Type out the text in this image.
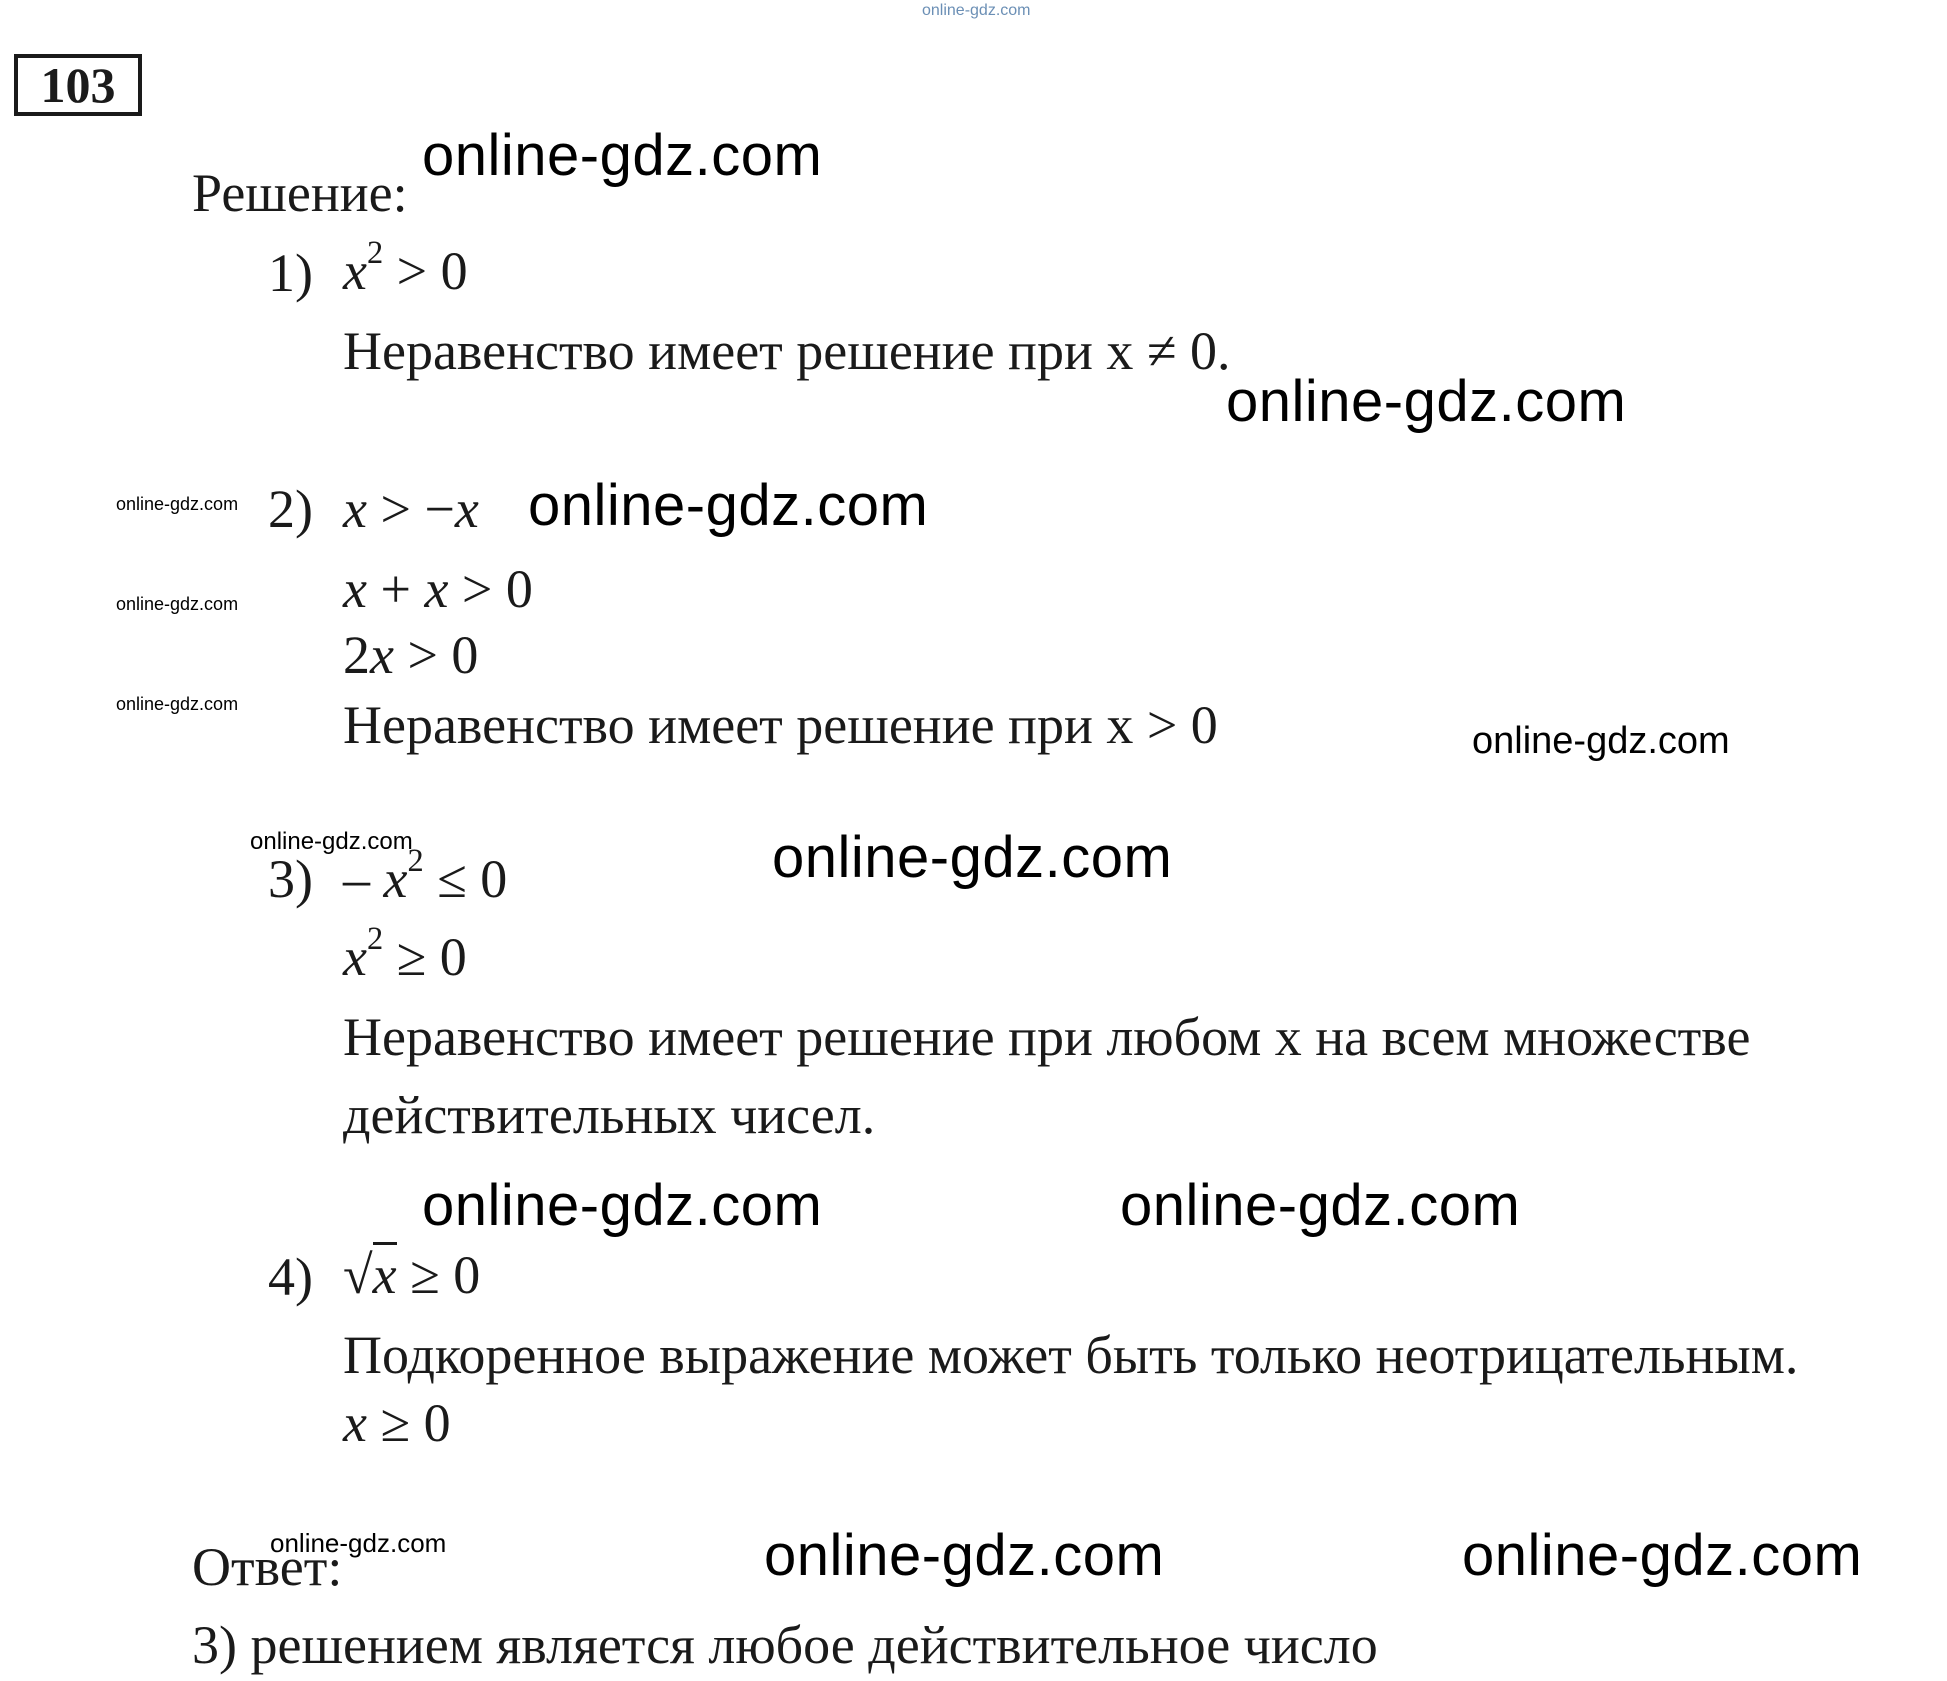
online-gdz.com
103
Решение:
1) $x^2 > 0$
Неравенство имеет решение при x ≠ 0.
2) x > −x
x + x > 0
2x > 0
Неравенство имеет решение при x > 0
$3) - x^2 \le 0$
$x^2 \ge 0$
Неравенство имеет решение при любом x на всем множестве
действительных чисел.
4) √x ≥ 0
Подкоренное выражение может быть только неотрицательным.
x ≥ 0
Ответ:
3) решением является любое действительное число
online-gdz.com
online-gdz.com
online-gdz.com
online-gdz.com
online-gdz.com	online-gdz.com
online-gdz.com	online-gdz.com
online-gdz.com
online-gdz.com
online-gdz.com
online-gdz.com
online-gdz.com
online-gdz.com
